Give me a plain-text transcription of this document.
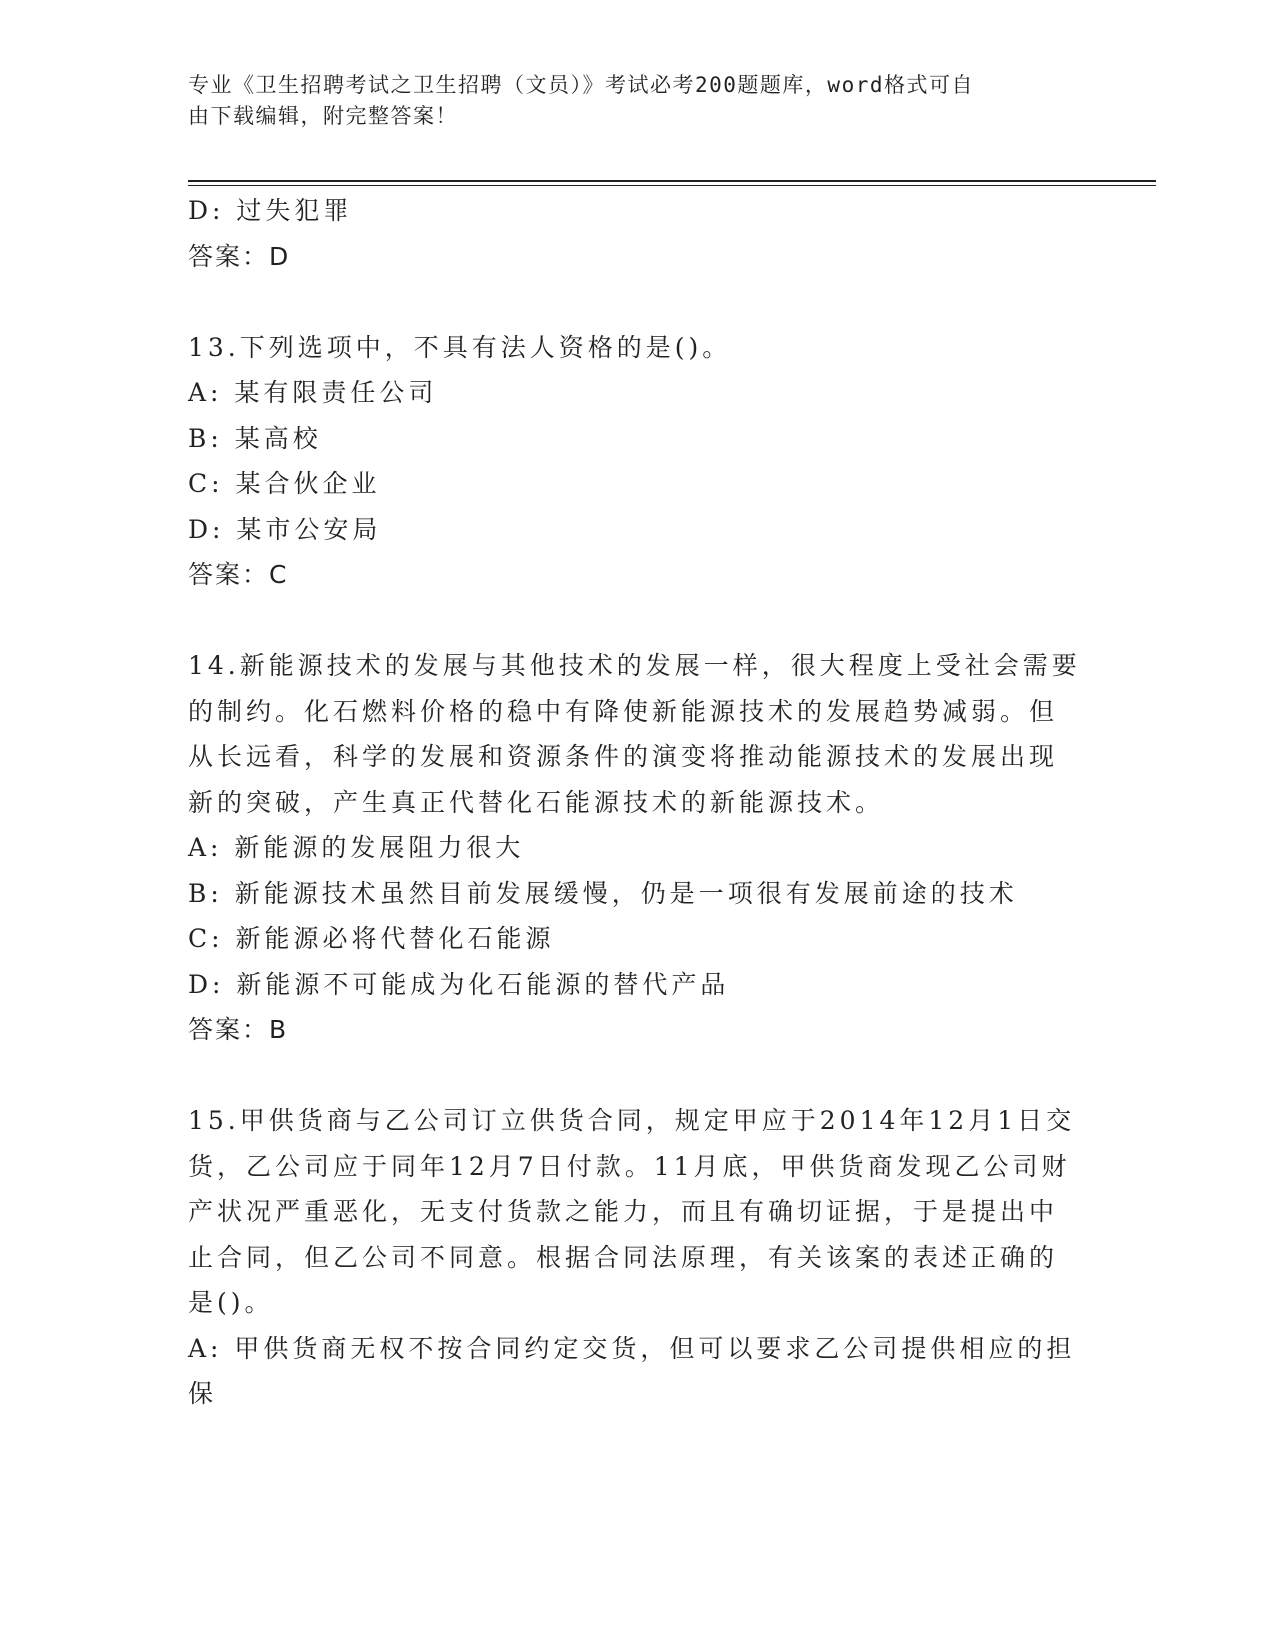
专业《卫生招聘考试之卫生招聘（文员）》考试必考200题题库，word格式可自
由下载编辑，附完整答案！
D: 过失犯罪
答案：D
13.下列选项中，不具有法人资格的是()。
A: 某有限责任公司
B: 某高校
C: 某合伙企业
D: 某市公安局
答案：C
14.新能源技术的发展与其他技术的发展一样，很大程度上受社会需要
的制约。化石燃料价格的稳中有降使新能源技术的发展趋势减弱。但
从长远看，科学的发展和资源条件的演变将推动能源技术的发展出现
新的突破，产生真正代替化石能源技术的新能源技术。
A: 新能源的发展阻力很大
B: 新能源技术虽然目前发展缓慢，仍是一项很有发展前途的技术
C: 新能源必将代替化石能源
D: 新能源不可能成为化石能源的替代产品
答案：B
15.甲供货商与乙公司订立供货合同，规定甲应于2014年12月1日交
货，乙公司应于同年12月7日付款。11月底，甲供货商发现乙公司财
产状况严重恶化，无支付货款之能力，而且有确切证据，于是提出中
止合同，但乙公司不同意。根据合同法原理，有关该案的表述正确的
是()。
A: 甲供货商无权不按合同约定交货，但可以要求乙公司提供相应的担
保
